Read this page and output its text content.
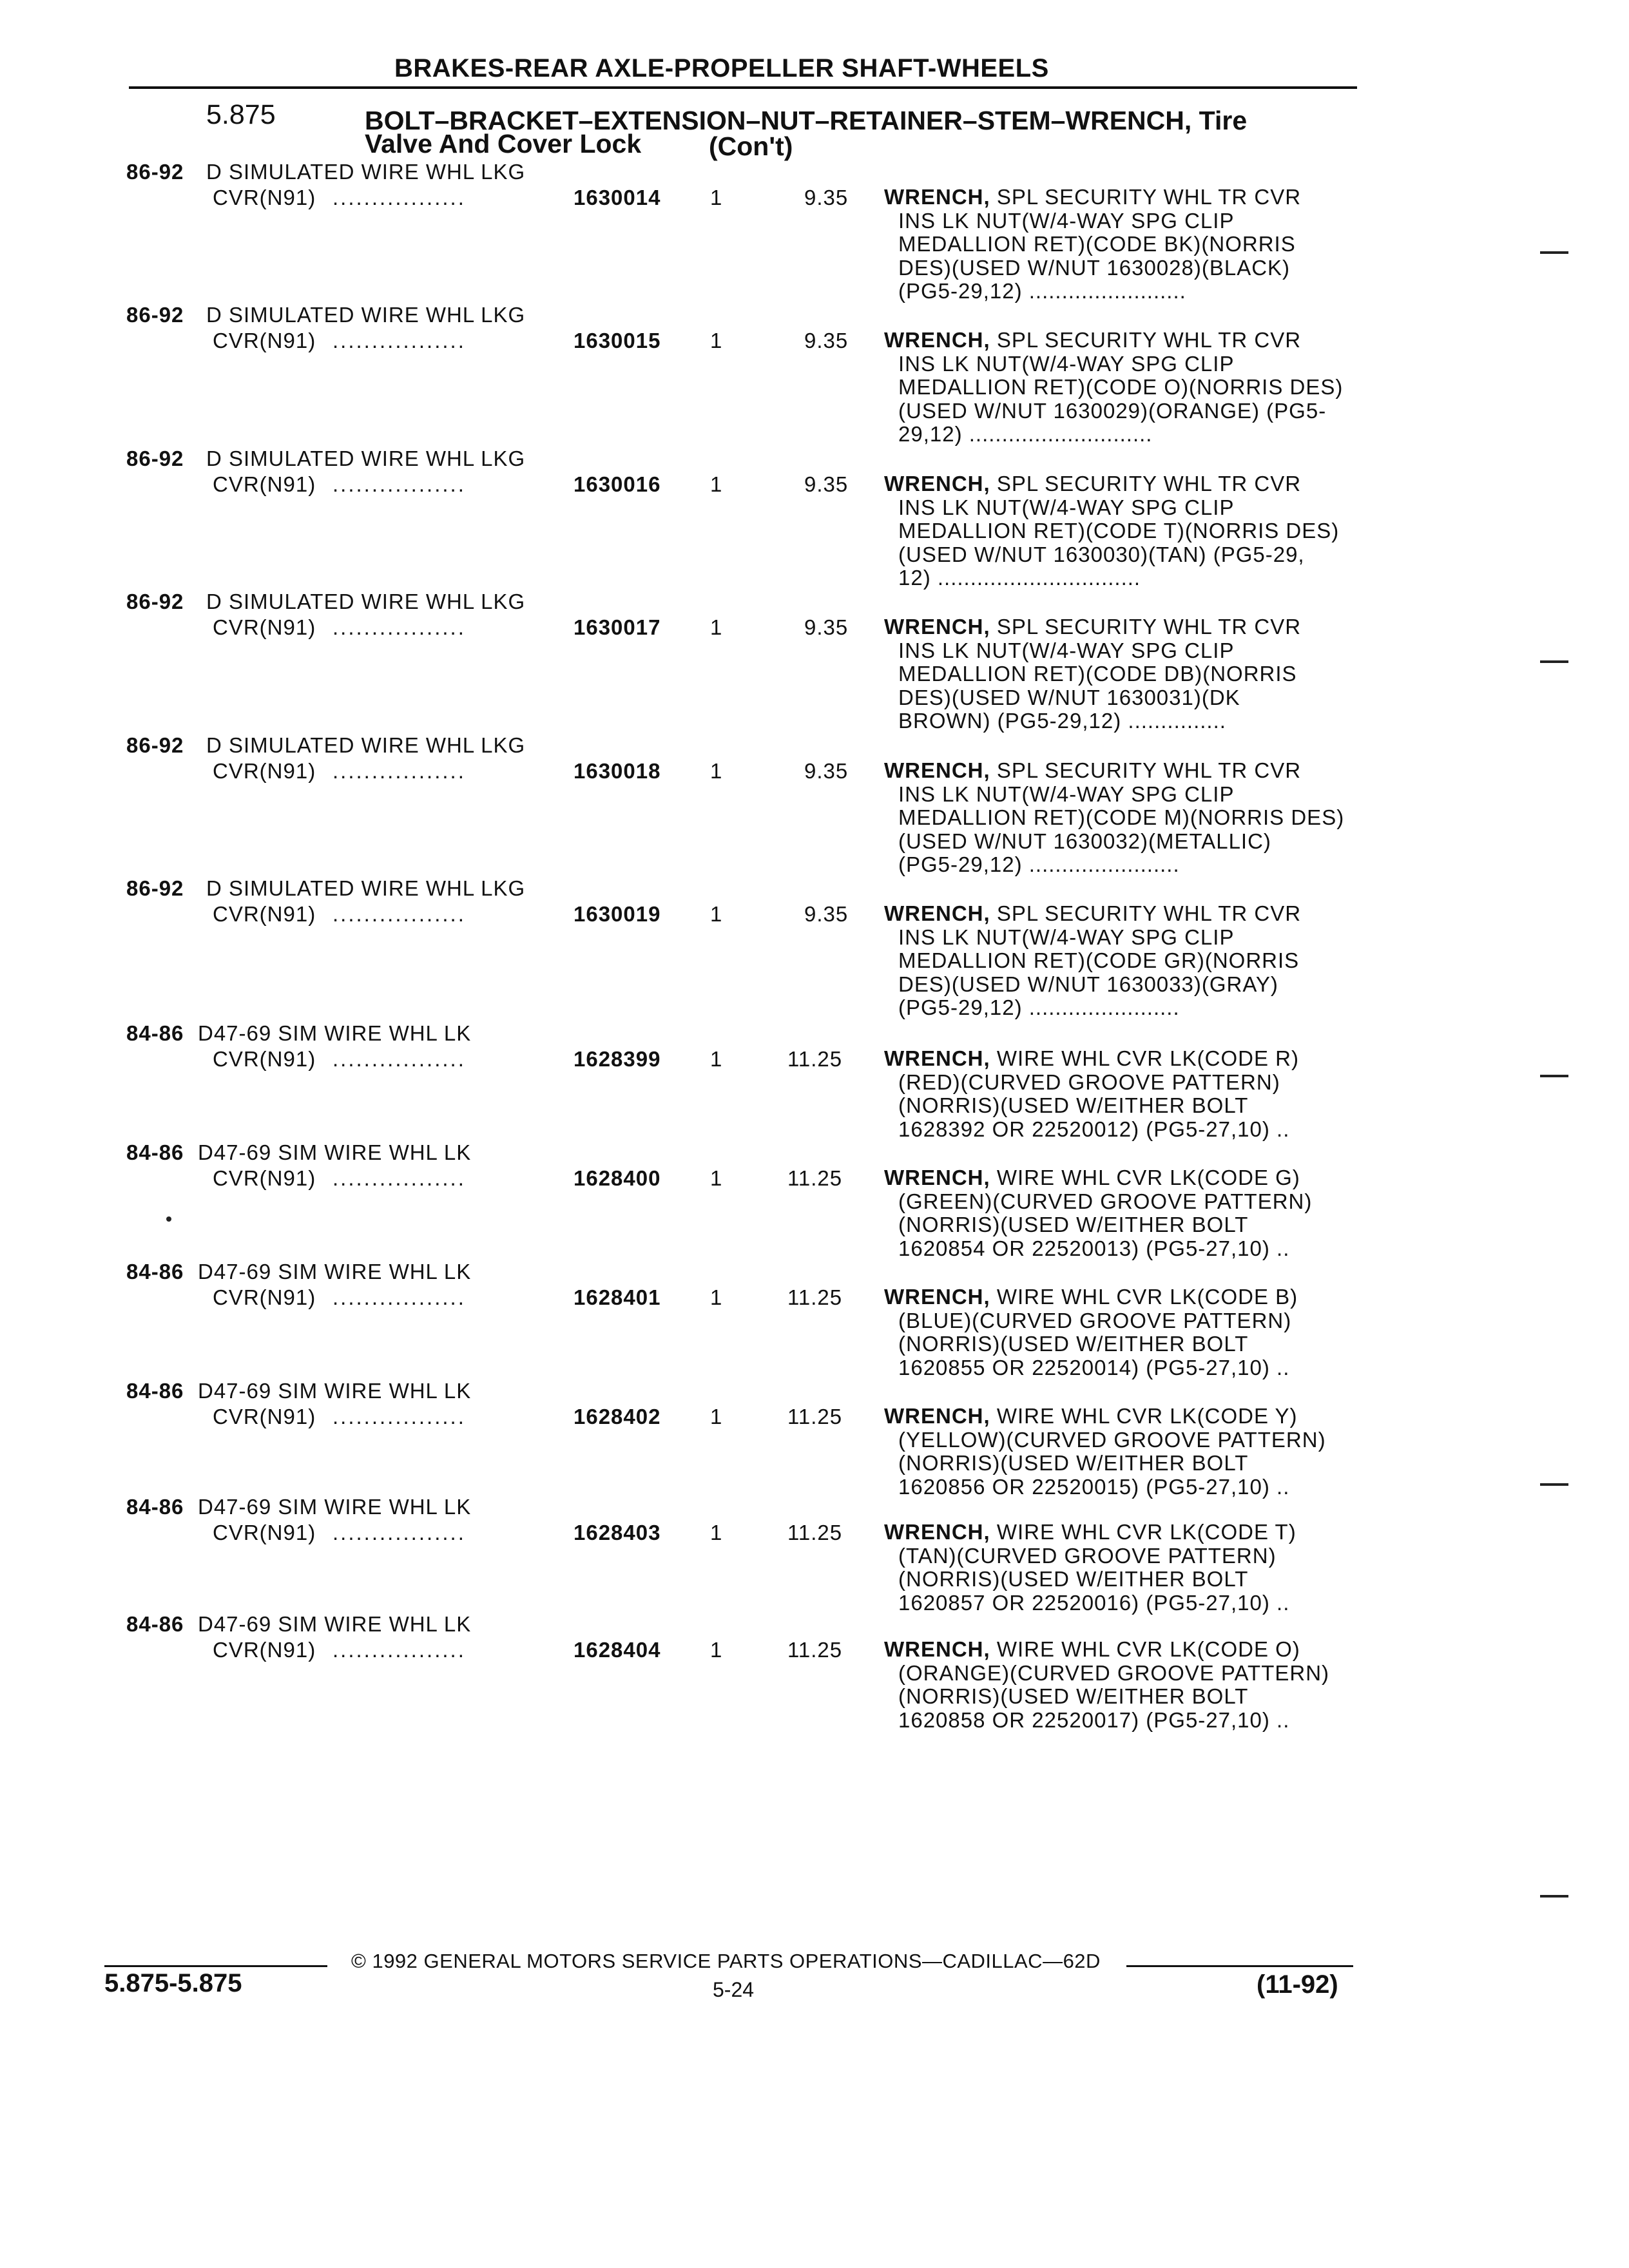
BRAKES-REAR AXLE-PROPELLER SHAFT-WHEELS
5.875	BOLT–BRACKET–EXTENSION–NUT–RETAINER–STEM–WRENCH, Tire
Valve And Cover Lock	(Con't)
86-92 D SIMULATED WIRE WHL LKG
CVR(N91) .................	1630014 1	9.35 WRENCH, SPL SECURITY WHL TR CVR
INS LK NUT(W/4-WAY SPG CLIP
MEDALLION RET)(CODE BK)(NORRIS
DES)(USED W/NUT 1630028)(BLACK)
(PG5-29,12) ........................
86-92 D SIMULATED WIRE WHL LKG
CVR(N91) .................	1630015 1	9.35 WRENCH, SPL SECURITY WHL TR CVR
INS LK NUT(W/4-WAY SPG CLIP
MEDALLION RET)(CODE O)(NORRIS DES)
(USED W/NUT 1630029)(ORANGE) (PG5-
29,12) ............................
86-92 D SIMULATED WIRE WHL LKG
CVR(N91) .................	1630016 1	9.35 WRENCH, SPL SECURITY WHL TR CVR
INS LK NUT(W/4-WAY SPG CLIP
MEDALLION RET)(CODE T)(NORRIS DES)
(USED W/NUT 1630030)(TAN) (PG5-29,
12) ...............................
86-92 D SIMULATED WIRE WHL LKG
CVR(N91) .................	1630017 1	9.35 WRENCH, SPL SECURITY WHL TR CVR
INS LK NUT(W/4-WAY SPG CLIP
MEDALLION RET)(CODE DB)(NORRIS
DES)(USED W/NUT 1630031)(DK
BROWN) (PG5-29,12) ...............
86-92 D SIMULATED WIRE WHL LKG
CVR(N91) .................	1630018 1	9.35 WRENCH, SPL SECURITY WHL TR CVR
INS LK NUT(W/4-WAY SPG CLIP
MEDALLION RET)(CODE M)(NORRIS DES)
(USED W/NUT 1630032)(METALLIC)
(PG5-29,12) .......................
86-92 D SIMULATED WIRE WHL LKG
CVR(N91) .................	1630019 1	9.35 WRENCH, SPL SECURITY WHL TR CVR
INS LK NUT(W/4-WAY SPG CLIP
MEDALLION RET)(CODE GR)(NORRIS
DES)(USED W/NUT 1630033)(GRAY)
(PG5-29,12) .......................
84-86 D47-69 SIM WIRE WHL LK
CVR(N91) .................	1628399 1	11.25 WRENCH, WIRE WHL CVR LK(CODE R)
(RED)(CURVED GROOVE PATTERN)
(NORRIS)(USED W/EITHER BOLT
1628392 OR 22520012) (PG5-27,10) ..
84-86 D47-69 SIM WIRE WHL LK
CVR(N91) .................	1628400 1	11.25 WRENCH, WIRE WHL CVR LK(CODE G)
(GREEN)(CURVED GROOVE PATTERN)
(NORRIS)(USED W/EITHER BOLT
1620854 OR 22520013) (PG5-27,10) ..
84-86 D47-69 SIM WIRE WHL LK
CVR(N91) .................	1628401 1	11.25 WRENCH, WIRE WHL CVR LK(CODE B)
(BLUE)(CURVED GROOVE PATTERN)
(NORRIS)(USED W/EITHER BOLT
1620855 OR 22520014) (PG5-27,10) ..
84-86 D47-69 SIM WIRE WHL LK
CVR(N91) .................	1628402 1	11.25 WRENCH, WIRE WHL CVR LK(CODE Y)
(YELLOW)(CURVED GROOVE PATTERN)
(NORRIS)(USED W/EITHER BOLT
1620856 OR 22520015) (PG5-27,10) ..
84-86 D47-69 SIM WIRE WHL LK
CVR(N91) .................	1628403 1	11.25 WRENCH, WIRE WHL CVR LK(CODE T)
(TAN)(CURVED GROOVE PATTERN)
(NORRIS)(USED W/EITHER BOLT
1620857 OR 22520016) (PG5-27,10) ..
84-86 D47-69 SIM WIRE WHL LK
CVR(N91) .................	1628404 1	11.25 WRENCH, WIRE WHL CVR LK(CODE O)
(ORANGE)(CURVED GROOVE PATTERN)
(NORRIS)(USED W/EITHER BOLT
1620858 OR 22520017) (PG5-27,10) ..
© 1992 GENERAL MOTORS SERVICE PARTS OPERATIONS—CADILLAC—62D
5.875-5.875	5-24	(11-92)
